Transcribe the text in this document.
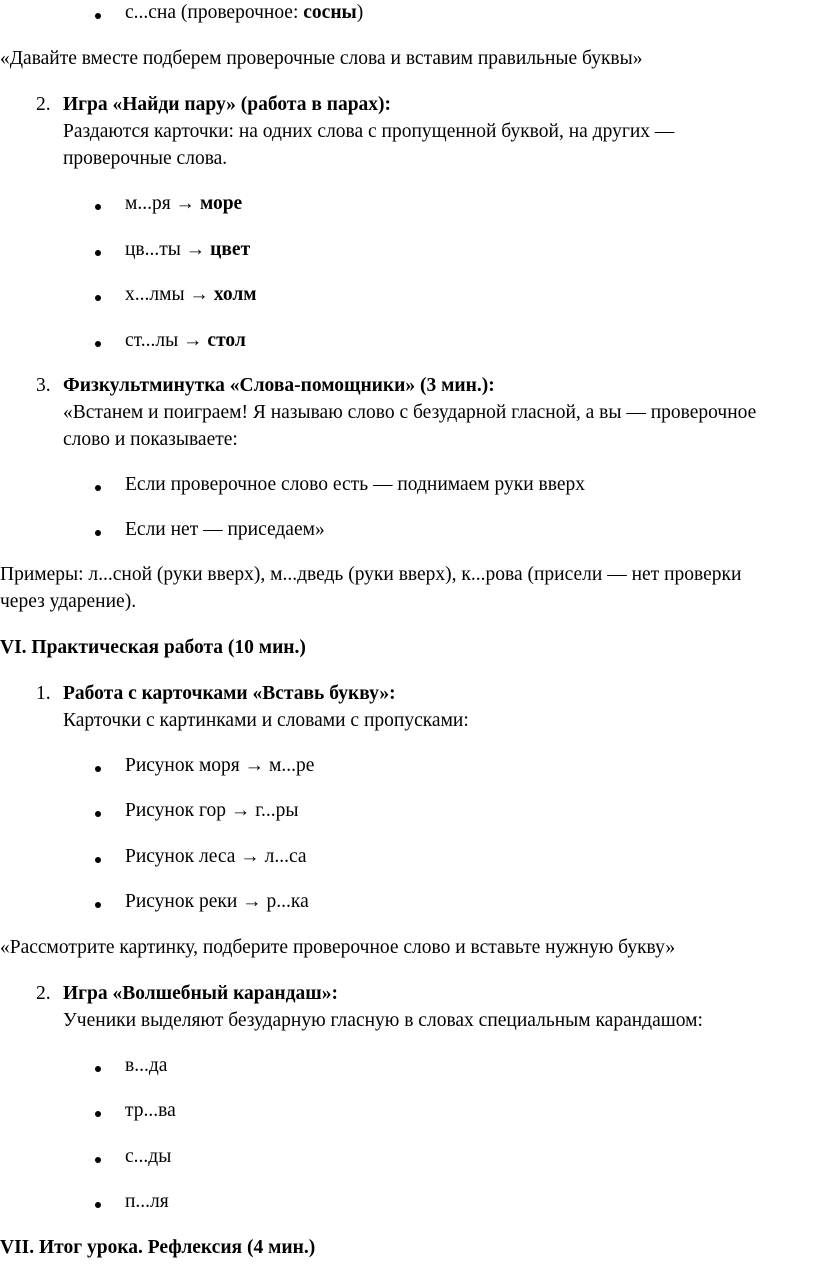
с...сна (проверочное: сосны)
«Давайте вместе подберем проверочные слова и вставим правильные буквы»
2. Игра «Найди пару» (работа в парах):
Раздаются карточки: на одних слова с пропущенной буквой, на других —
проверочные слова.
м...ря → море
цв...ты → цвет
х...лмы → холм
ст...лы → стол
3. Физкультминутка «Слова-помощники» (3 мин.):
«Встанем и поиграем! Я называю слово с безударной гласной, а вы — проверочное
слово и показываете:
Если проверочное слово есть — поднимаем руки вверх
Если нет — приседаем»
Примеры: л...сной (руки вверх), м...дведь (руки вверх), к...рова (присели — нет проверки
через ударение).
VI. Практическая работа (10 мин.)
1. Работа с карточками «Вставь букву»:
Карточки с картинками и словами с пропусками:
Рисунок моря → м...ре
Рисунок гор → г...ры
Рисунок леса → л...са
Рисунок реки → р...ка
«Рассмотрите картинку, подберите проверочное слово и вставьте нужную букву»
2. Игра «Волшебный карандаш»:
Ученики выделяют безударную гласную в словах специальным карандашом:
в...да
тр...ва
с...ды
п...ля
VII. Итог урока. Рефлексия (4 мин.)
